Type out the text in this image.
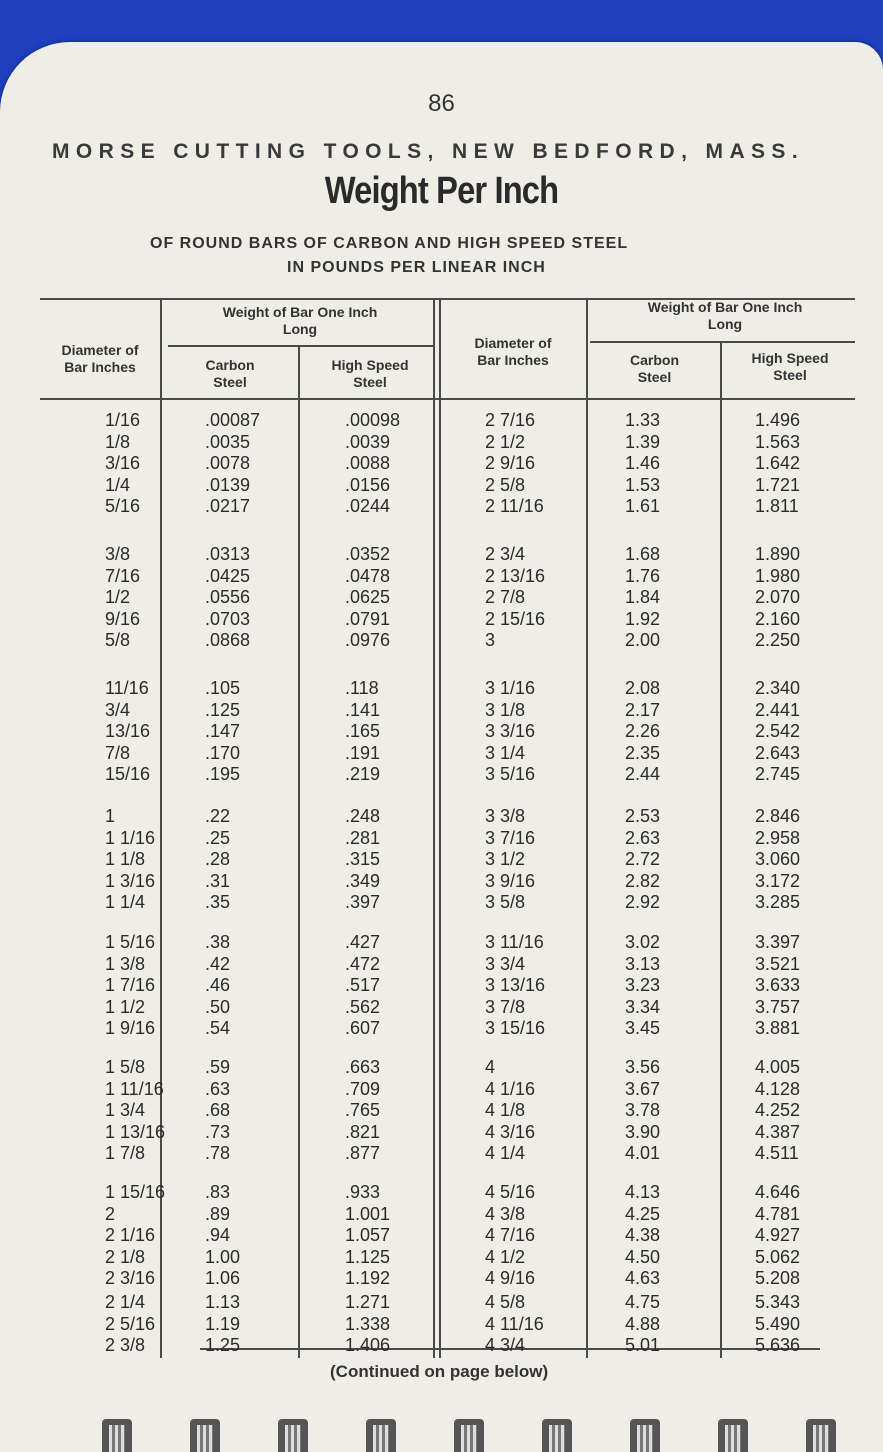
86
MORSE CUTTING TOOLS, NEW BEDFORD, MASS.
Weight Per Inch
OF ROUND BARS OF CARBON AND HIGH SPEED STEEL
IN POUNDS PER LINEAR INCH
Diameter of Bar Inches
Weight of Bar One Inch Long
Carbon Steel
High Speed Steel
Diameter of Bar Inches
Weight of Bar One Inch Long
Carbon Steel
High Speed Steel
1/16
1/8
3/16
1/4
5/16
.00087
.0035
.0078
.0139
.0217
.00098
.0039
.0088
.0156
.0244
2 7/16
2 1/2
2 9/16
2 5/8
2 11/16
1.33
1.39
1.46
1.53
1.61
1.496
1.563
1.642
1.721
1.811
3/8
7/16
1/2
9/16
5/8
.0313
.0425
.0556
.0703
.0868
.0352
.0478
.0625
.0791
.0976
2 3/4
2 13/16
2 7/8
2 15/16
3
1.68
1.76
1.84
1.92
2.00
1.890
1.980
2.070
2.160
2.250
11/16
3/4
13/16
7/8
15/16
.105
.125
.147
.170
.195
.118
.141
.165
.191
.219
3 1/16
3 1/8
3 3/16
3 1/4
3 5/16
2.08
2.17
2.26
2.35
2.44
2.340
2.441
2.542
2.643
2.745
1
1 1/16
1 1/8
1 3/16
1 1/4
.22
.25
.28
.31
.35
.248
.281
.315
.349
.397
3 3/8
3 7/16
3 1/2
3 9/16
3 5/8
2.53
2.63
2.72
2.82
2.92
2.846
2.958
3.060
3.172
3.285
1 5/16
1 3/8
1 7/16
1 1/2
1 9/16
.38
.42
.46
.50
.54
.427
.472
.517
.562
.607
3 11/16
3 3/4
3 13/16
3 7/8
3 15/16
3.02
3.13
3.23
3.34
3.45
3.397
3.521
3.633
3.757
3.881
1 5/8
1 11/16
1 3/4
1 13/16
1 7/8
.59
.63
.68
.73
.78
.663
.709
.765
.821
.877
4
4 1/16
4 1/8
4 3/16
4 1/4
3.56
3.67
3.78
3.90
4.01
4.005
4.128
4.252
4.387
4.511
1 15/16
2
2 1/16
2 1/8
2 3/16
.83
.89
.94
1.00
1.06
.933
1.001
1.057
1.125
1.192
4 5/16
4 3/8
4 7/16
4 1/2
4 9/16
4.13
4.25
4.38
4.50
4.63
4.646
4.781
4.927
5.062
5.208
2 1/4
2 5/16
2 3/8
1.13
1.19
1.25
1.271
1.338
1.406
4 5/8
4 11/16
4 3/4
4.75
4.88
5.01
5.343
5.490
5.636
(Continued on page below)
